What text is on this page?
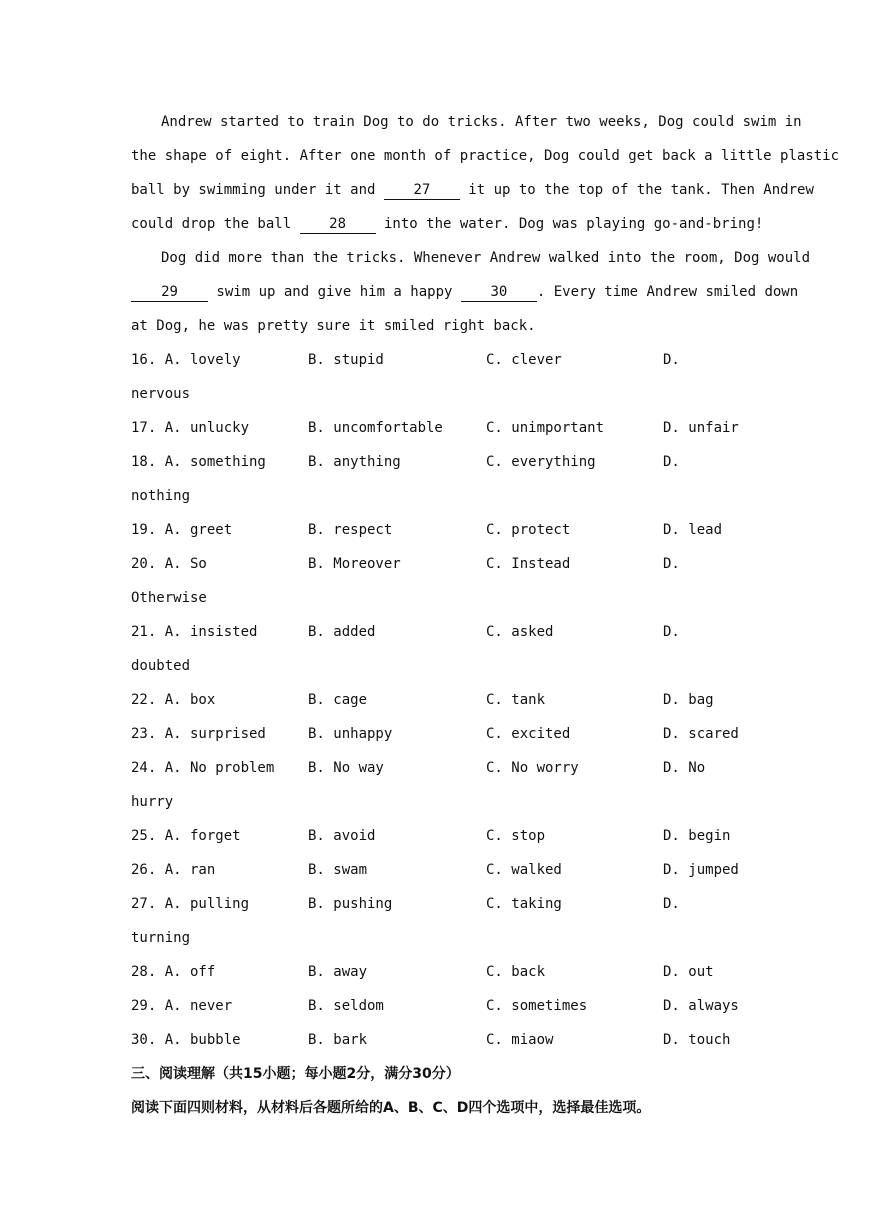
Andrew started to train Dog to do tricks. After two weeks, Dog could swim in

the shape of eight. After one month of practice, Dog could get back a little plastic

ball by swimming under it and 27 it up to the top of the tank. Then Andrew

could drop the ball 28 into the water. Dog was playing go-and-bring!

Dog did more than the tricks. Whenever Andrew walked into the room, Dog would

29 swim up and give him a happy 30 . Every time Andrew smiled down

at Dog, he was pretty sure it smiled right back.

16. A. lovely	B. stupid	C. clever	D.
nervous
17. A. unlucky	B. uncomfortable	C. unimportant	D. unfair
18. A. something	B. anything	C. everything	D.
nothing
19. A. greet	B. respect	C. protect	D. lead
20. A. So	B. Moreover	C. Instead	D.
Otherwise
21. A. insisted	B. added	C. asked	D.
doubted
22. A. box	B. cage	C. tank	D. bag
23. A. surprised	B. unhappy	C. excited	D. scared
24. A. No problem B. No way	C. No worry	D. No
hurry
25. A. forget	B. avoid	C. stop	D. begin
26. A. ran	B. swam	C. walked	D. jumped
27. A. pulling	B. pushing	C. taking	D.
turning
28. A. off	B. away	C. back	D. out
29. A. never	B. seldom	C. sometimes	D. always
30. A. bubble	B. bark	C. miaow	D. touch
三、阅读理解（共15小题；每小题2分，满分30分）
阅读下面四则材料，从材料后各题所给的A、B、C、D四个选项中，选择最佳选项。
